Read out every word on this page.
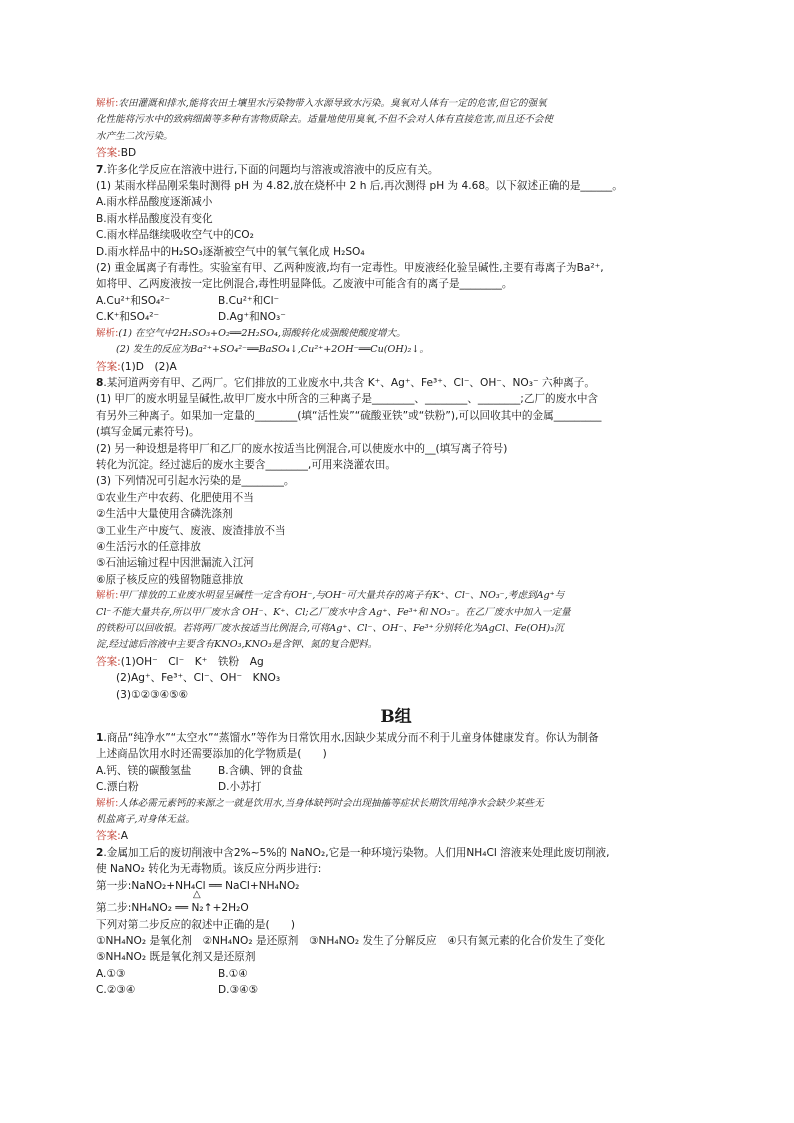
解析:农田灌溉和排水,能将农田土壤里水污染物带入水源导致水污染。臭氧对人体有一定的危害,但它的强氧
化性能将污水中的致病细菌等多种有害物质除去。适量地使用臭氧,不但不会对人体有直接危害,而且还不会使
水产生二次污染。
答案:BD
7.许多化学反应在溶液中进行,下面的问题均与溶液或溶液中的反应有关。
(1) 某雨水样品刚采集时测得 pH 为 4.82,放在烧杯中 2 h 后,再次测得 pH 为 4.68。以下叙述正确的是______。
A.雨水样品酸度逐渐减小
B.雨水样品酸度没有变化
C.雨水样品继续吸收空气中的CO₂
D.雨水样品中的H₂SO₃逐渐被空气中的氧气氧化成 H₂SO₄
(2) 重金属离子有毒性。实验室有甲、乙两种废液,均有一定毒性。甲废液经化验呈碱性,主要有毒离子为Ba²⁺,
如将甲、乙两废液按一定比例混合,毒性明显降低。乙废液中可能含有的离子是________。
A.Cu²⁺和SO₄²⁻	B.Cu²⁺和Cl⁻
C.K⁺和SO₄²⁻	D.Ag⁺和NO₃⁻
解析:(1) 在空气中2H₂SO₃+O₂══2H₂SO₄,弱酸转化成强酸使酸度增大。
(2) 发生的反应为Ba²⁺+SO₄²⁻══BaSO₄↓,Cu²⁺+2OH⁻══Cu(OH)₂↓。
答案:(1)D　(2)A
8.某河道两旁有甲、乙两厂。它们排放的工业废水中,共含 K⁺、Ag⁺、Fe³⁺、Cl⁻、OH⁻、NO₃⁻ 六种离子。
(1) 甲厂的废水明显呈碱性,故甲厂废水中所含的三种离子是________、________、________;乙厂的废水中含
有另外三种离子。如果加一定量的________(填“活性炭”“硫酸亚铁”或“铁粉”),可以回收其中的金属_________
(填写金属元素符号)。
(2) 另一种设想是将甲厂和乙厂的废水按适当比例混合,可以使废水中的__(填写离子符号)
转化为沉淀。经过滤后的废水主要含________,可用来浇灌农田。
(3) 下列情况可引起水污染的是________。
①农业生产中农药、化肥使用不当
②生活中大量使用含磷洗涤剂
③工业生产中废气、废液、废渣排放不当
④生活污水的任意排放
⑤石油运输过程中因泄漏流入江河
⑥原子核反应的残留物随意排放
解析:甲厂排放的工业废水明显呈碱性一定含有OH⁻,与OH⁻可大量共存的离子有K⁺、Cl⁻、NO₃⁻,考虑到Ag⁺与
Cl⁻不能大量共存,所以甲厂废水含 OH⁻、K⁺、Cl;乙厂废水中含 Ag⁺、Fe³⁺和 NO₃⁻。在乙厂废水中加入一定量
的铁粉可以回收银。若将两厂废水按适当比例混合,可将Ag⁺、Cl⁻、OH⁻、Fe³⁺分别转化为AgCl、Fe(OH)₃沉
淀,经过滤后溶液中主要含有KNO₃,KNO₃是含钾、氮的复合肥料。
答案:(1)OH⁻　Cl⁻　K⁺　铁粉　Ag
(2)Ag⁺、Fe³⁺、Cl⁻、OH⁻　KNO₃
(3)①②③④⑤⑥
B组
1.商品“纯净水”“太空水”“蒸馏水”等作为日常饮用水,因缺少某成分而不利于儿童身体健康发育。你认为制备
上述商品饮用水时还需要添加的化学物质是(　　)
A.钙、镁的碳酸氢盐	B.含碘、钾的食盐
C.漂白粉	D.小苏打
解析:人体必需元素钙的来源之一就是饮用水,当身体缺钙时会出现抽搐等症状长期饮用纯净水会缺少某些无
机盐离子,对身体无益。
答案:A
2.金属加工后的废切削液中含2%~5%的 NaNO₂,它是一种环境污染物。人们用NH₄Cl 溶液来处理此废切削液,
使 NaNO₂ 转化为无毒物质。该反应分两步进行:
第一步:NaNO₂+NH₄Cl ══ NaCl+NH₄NO₂
△
第二步:NH₄NO₂ ══ N₂↑+2H₂O
下列对第二步反应的叙述中正确的是(　　)
①NH₄NO₂ 是氧化剂　②NH₄NO₂ 是还原剂　③NH₄NO₂ 发生了分解反应　④只有氮元素的化合价发生了变化
⑤NH₄NO₂ 既是氧化剂又是还原剂
A.①③	B.①④
C.②③④	D.③④⑤
